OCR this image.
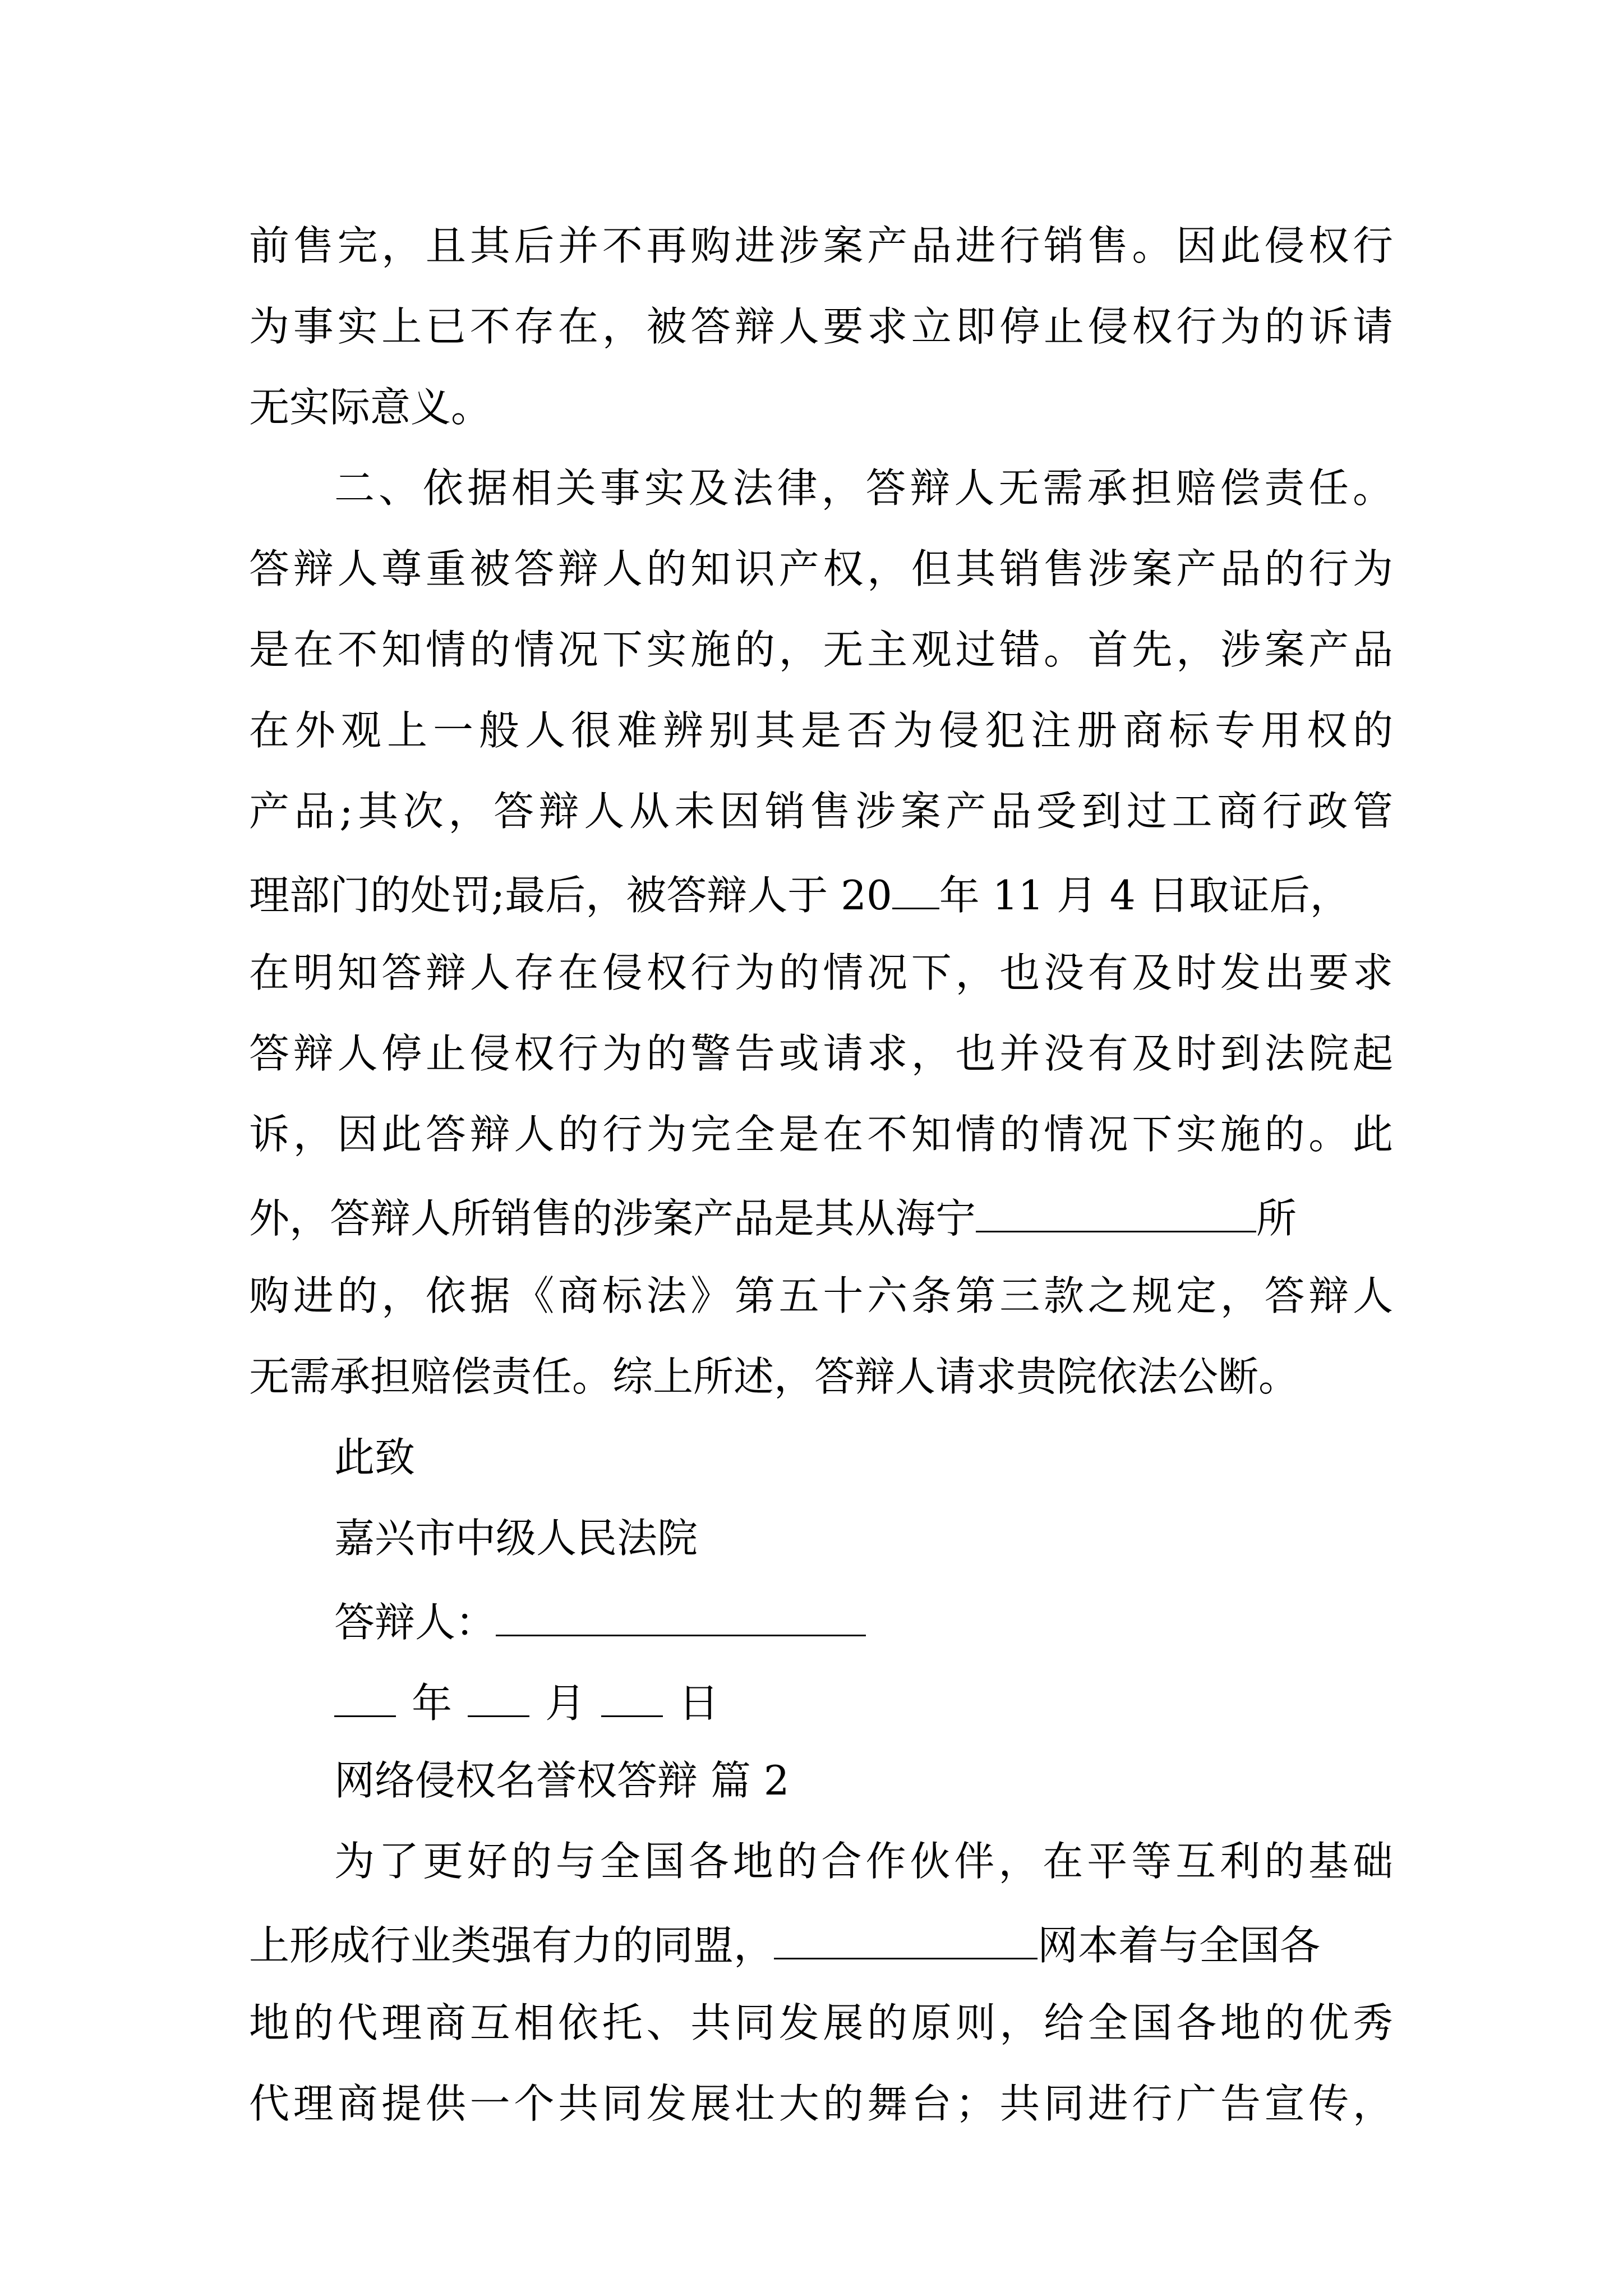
前售完，且其后并不再购进涉案产品进行销售。因此侵权行
为事实上已不存在，被答辩人要求立即停止侵权行为的诉请
无实际意义。
二、依据相关事实及法律，答辩人无需承担赔偿责任。
答辩人尊重被答辩人的知识产权，但其销售涉案产品的行为
是在不知情的情况下实施的，无主观过错。首先，涉案产品
在外观上一般人很难辨别其是否为侵犯注册商标专用权的
产品;其次，答辩人从未因销售涉案产品受到过工商行政管
理部门的处罚;最后，被答辩人于 20 年 11 月 4 日取证后，
在明知答辩人存在侵权行为的情况下，也没有及时发出要求
答辩人停止侵权行为的警告或请求，也并没有及时到法院起
诉，因此答辩人的行为完全是在不知情的情况下实施的。此
外，答辩人所销售的涉案产品是其从海宁	所
购进的，依据《商标法》第五十六条第三款之规定，答辩人
无需承担赔偿责任。综上所述，答辩人请求贵院依法公断。
此致
嘉兴市中级人民法院
答辩人：
年 月 日
网络侵权名誉权答辩 篇 2
为了更好的与全国各地的合作伙伴，在平等互利的基础
上形成行业类强有力的同盟，	网本着与全国各
地的代理商互相依托、共同发展的原则，给全国各地的优秀
代理商提供一个共同发展壮大的舞台；共同进行广告宣传，
